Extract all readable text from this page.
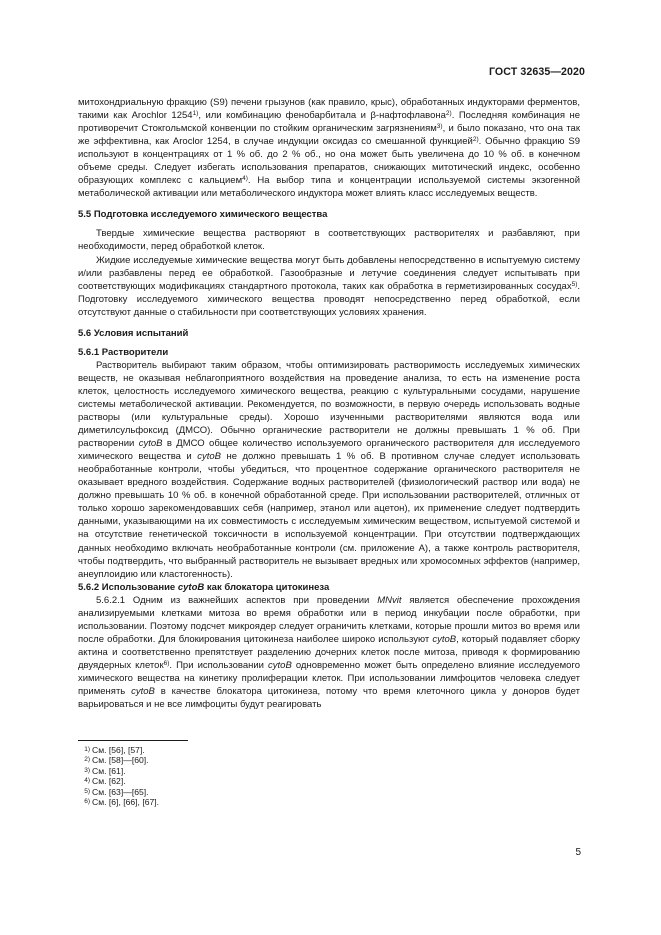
ГОСТ 32635—2020

митохондриальную фракцию (S9) печени грызунов (как правило, крыс), обработанных индукторами ферментов, такими как Arochlor 1254$^{1)}$, или комбинацию фенобарбитала и β-нафтофлавона$^{2)}$. Последняя комбинация не противоречит Стокгольмской конвенции по стойким органическим загрязнениям$^{3)}$, и было показано, что она так же эффективна, как Aroclor 1254, в случае индукции оксидаз со смешанной функцией$^{2)}$. Обычно фракцию S9 используют в концентрациях от 1 % об. до 2 % об., но она может быть увеличена до 10 % об. в конечном объеме среды. Следует избегать использования препаратов, снижающих митотический индекс, особенно образующих комплекс с кальцием$^{4)}$. На выбор типа и концентрации используемой системы экзогенной метаболической активации или метаболического индуктора может влиять класс исследуемых веществ.

5.5 Подготовка исследуемого химического вещества

Твердые химические вещества растворяют в соответствующих растворителях и разбавляют, при необходимости, перед обработкой клеток.

Жидкие исследуемые химические вещества могут быть добавлены непосредственно в испытуемую систему и/или разбавлены перед ее обработкой. Газообразные и летучие соединения следует испытывать при соответствующих модификациях стандартного протокола, таких как обработка в герметизированных сосудах$^{5)}$. Подготовку исследуемого химического вещества проводят непосредственно перед обработкой, если отсутствуют данные о стабильности при соответствующих условиях хранения.

5.6 Условия испытаний

5.6.1 Растворители

Растворитель выбирают таким образом, чтобы оптимизировать растворимость исследуемых химических веществ, не оказывая неблагоприятного воздействия на проведение анализа, то есть на изменение роста клеток, целостность исследуемого химического вещества, реакцию с культуральными сосудами, нарушение системы метаболической активации. Рекомендуется, по возможности, в первую очередь использовать водные растворы (или культуральные среды). Хорошо изученными растворителями являются вода или диметилсульфоксид (ДМСО). Обычно органические растворители не должны превышать 1 % об. При растворении cytoB в ДМСО общее количество используемого органического растворителя для исследуемого химического вещества и cytoB не должно превышать 1 % об. В противном случае следует использовать необработанные контроли, чтобы убедиться, что процентное содержание органического растворителя не оказывает вредного воздействия. Содержание водных растворителей (физиологический раствор или вода) не должно превышать 10 % об. в конечной обработанной среде. При использовании растворителей, отличных от только хорошо зарекомендовавших себя (например, этанол или ацетон), их применение следует подтвердить данными, указывающими на их совместимость с исследуемым химическим веществом, испытуемой системой и на отсутствие генетической токсичности в используемой концентрации. При отсутствии подтверждающих данных необходимо включать необработанные контроли (см. приложение А), а также контроль растворителя, чтобы подтвердить, что выбранный растворитель не вызывает вредных или хромосомных эффектов (например, анеуплоидию или кластогенность).

5.6.2 Использование cytoB как блокатора цитокинеза

5.6.2.1 Одним из важнейших аспектов при проведении MNvit является обеспечение прохождения анализируемыми клетками митоза во время обработки или в период инкубации после обработки, при использовании. Поэтому подсчет микроядер следует ограничить клетками, которые прошли митоз во время или после обработки. Для блокирования цитокинеза наиболее широко используют cytoB, который подавляет сборку актина и соответственно препятствует разделению дочерних клеток после митоза, приводя к формированию двуядерных клеток$^{6)}$. При использовании cytoB одновременно может быть определено влияние исследуемого химического вещества на кинетику пролиферации клеток. При использовании лимфоцитов человека следует применять cytoB в качестве блокатора цитокинеза, потому что время клеточного цикла у доноров будет варьироваться и не все лимфоциты будут реагировать

$^{1)}$ См. [56], [57].
$^{2)}$ См. [58]—[60].
$^{3)}$ См. [61].
$^{4)}$ См. [62].
$^{5)}$ См. [63]—[65].
$^{6)}$ См. [6], [66], [67].
5
